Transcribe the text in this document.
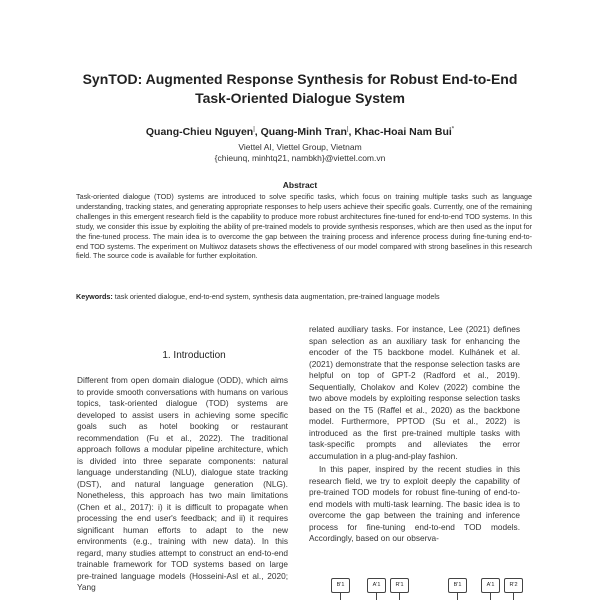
SynTOD: Augmented Response Synthesis for Robust End-to-End
Task-Oriented Dialogue System
Quang-Chieu Nguyen|, Quang-Minh Tran|, Khac-Hoai Nam Bui*
Viettel AI, Viettel Group, Vietnam
{chieunq, minhtq21, nambkh}@viettel.com.vn
Abstract
Task-oriented dialogue (TOD) systems are introduced to solve specific tasks, which focus on training multiple tasks such as language understanding, tracking states, and generating appropriate responses to help users achieve their specific goals. Currently, one of the remaining challenges in this emergent research field is the capability to produce more robust architectures fine-tuned for end-to-end TOD systems. In this study, we consider this issue by exploiting the ability of pre-trained models to provide synthesis responses, which are then used as the input for the fine-tuned process. The main idea is to overcome the gap between the training process and inference process during fine-tuning end-to-end TOD systems. The experiment on Multiwoz datasets shows the effectiveness of our model compared with strong baselines in this research field. The source code is available for further exploitation.
Keywords: task oriented dialogue, end-to-end system, synthesis data augmentation, pre-trained language models
1. Introduction

Different from open domain dialogue (ODD), which aims to provide smooth conversations with humans on various topics, task-oriented dialogue (TOD) systems are developed to assist users in achieving some specific goals such as hotel booking or restaurant recommendation (Fu et al., 2022). The traditional approach follows a modular pipeline architecture, which is divided into three separate components: natural language understanding (NLU), dialogue state tracking (DST), and natural language generation (NLG). Nonetheless, this approach has two main limitations (Chen et al., 2017): i) it is difficult to propagate when processing the end user's feedback; and ii) it requires significant human efforts to adapt to the new environments (e.g., training with new data). In this regard, many studies attempt to construct an end-to-end trainable framework for TOD systems based on large pre-trained language models (Hosseini-Asl et al., 2020; Yang

related auxiliary tasks. For instance, Lee (2021) defines span selection as an auxiliary task for enhancing the encoder of the T5 backbone model. Kulhánek et al. (2021) demonstrate that the response selection tasks are helpful on top of GPT-2 (Radford et al., 2019). Sequentially, Cholakov and Kolev (2022) combine the two above models by exploiting response selection tasks based on the T5 (Raffel et al., 2020) as the backbone model. Furthermore, PPTOD (Su et al., 2022) is introduced as the first pre-trained multiple tasks with task-specific prompts and alleviates the error accumulation in a plug-and-play fashion.

In this paper, inspired by the recent studies in this research field, we try to exploit deeply the capability of pre-trained TOD models for robust fine-tuning of end-to-end models with multi-task learning. The basic idea is to overcome the gap between the training and inference process for fine-tuning end-to-end TOD models. Accordingly, based on our observa-

B'1	A'1	R'1	B'1	A'1	R'2
